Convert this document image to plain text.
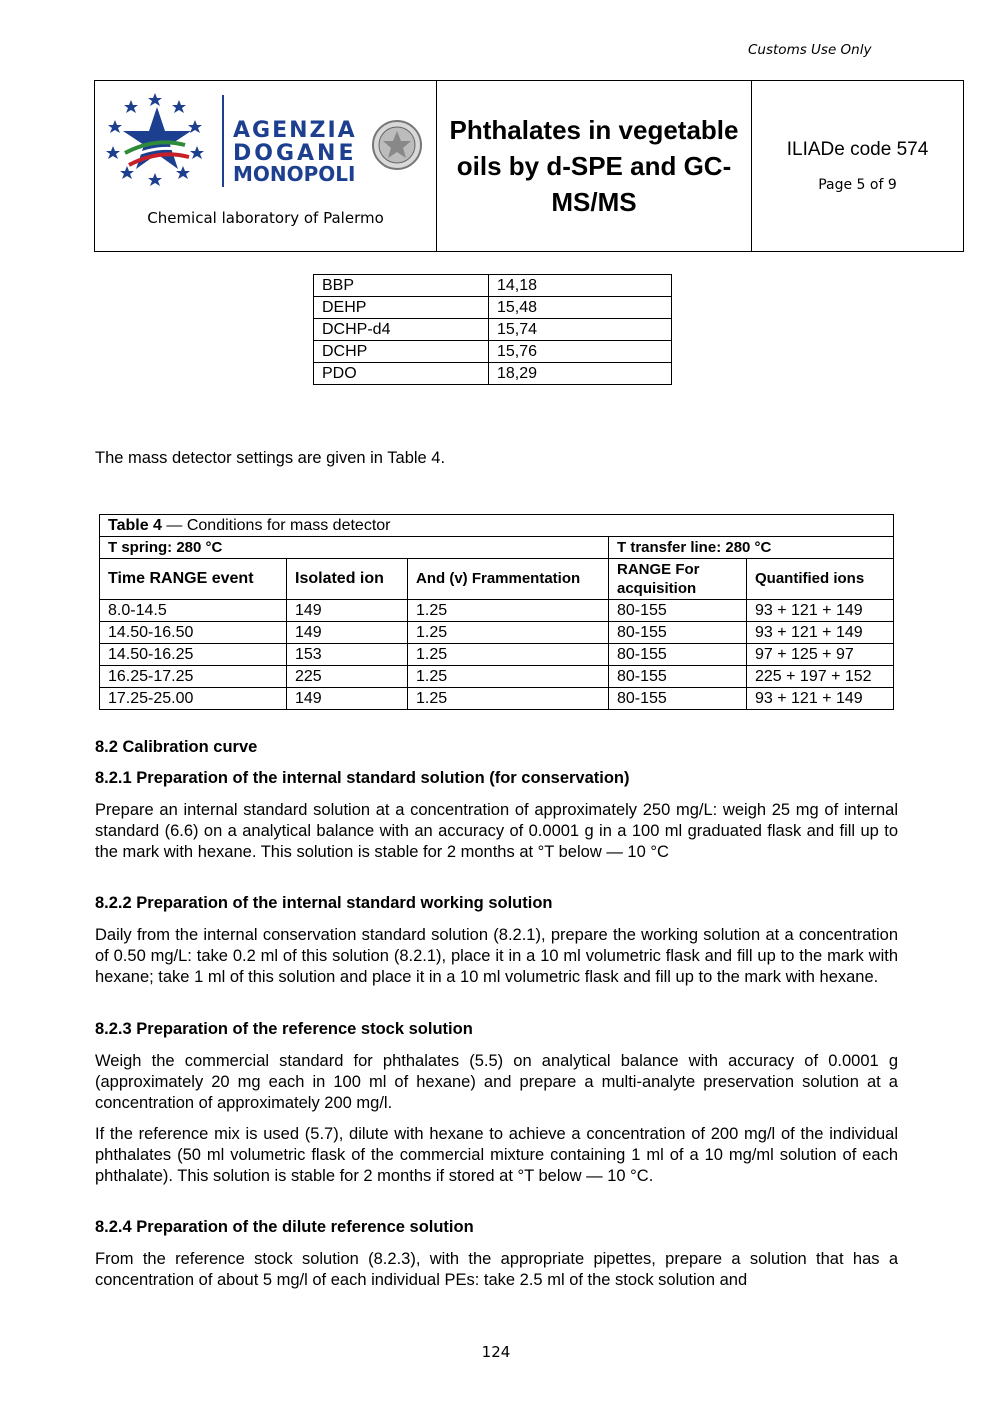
Customs Use Only
AGENZIA
DOGANE
MONOPOLI
Chemical laboratory of Palermo
Phthalates in vegetable
oils by d-SPE and GC-
MS/MS
ILIADe code 574
Page 5 of 9
BBP	14,18
DEHP	15,48
DCHP-d4	15,74
DCHP	15,76
PDO	18,29
The mass detector settings are given in Table 4.
Table 4 — Conditions for mass detector				
T spring: 280 °C			T transfer line: 280 °C	
Time RANGE event	Isolated ion	And (v) Frammentation	RANGE For acquisition	Quantified ions
8.0-14.5	149	1.25	80-155	93 + 121 + 149
14.50-16.50	149	1.25	80-155	93 + 121 + 149
14.50-16.25	153	1.25	80-155	97 + 125 + 97
16.25-17.25	225	1.25	80-155	225 + 197 + 152
17.25-25.00	149	1.25	80-155	93 + 121 + 149
8.2 Calibration curve
8.2.1 Preparation of the internal standard solution (for conservation)
Prepare an internal standard solution at a concentration of approximately 250 mg/L: weigh 25 mg of internal standard (6.6) on a analytical balance with an accuracy of 0.0001 g in a 100 ml graduated flask and fill up to the mark with hexane. This solution is stable for 2 months at °T below — 10 °C
8.2.2 Preparation of the internal standard working solution
Daily from the internal conservation standard solution (8.2.1), prepare the working solution at a concentration of 0.50 mg/L: take 0.2 ml of this solution (8.2.1), place it in a 10 ml volumetric flask and fill up to the mark with hexane; take 1 ml of this solution and place it in a 10 ml volumetric flask and fill up to the mark with hexane.
8.2.3 Preparation of the reference stock solution
Weigh the commercial standard for phthalates (5.5) on analytical balance with accuracy of 0.0001 g (approximately 20 mg each in 100 ml of hexane) and prepare a multi-analyte preservation solution at a concentration of approximately 200 mg/l.
If the reference mix is used (5.7), dilute with hexane to achieve a concentration of 200 mg/l of the individual phthalates (50 ml volumetric flask of the commercial mixture containing 1 ml of a 10 mg/ml solution of each phthalate). This solution is stable for 2 months if stored at °T below — 10 °C.
8.2.4 Preparation of the dilute reference solution
From the reference stock solution (8.2.3), with the appropriate pipettes, prepare a solution that has a concentration of about 5 mg/l of each individual PEs: take 2.5 ml of the stock solution and
124
